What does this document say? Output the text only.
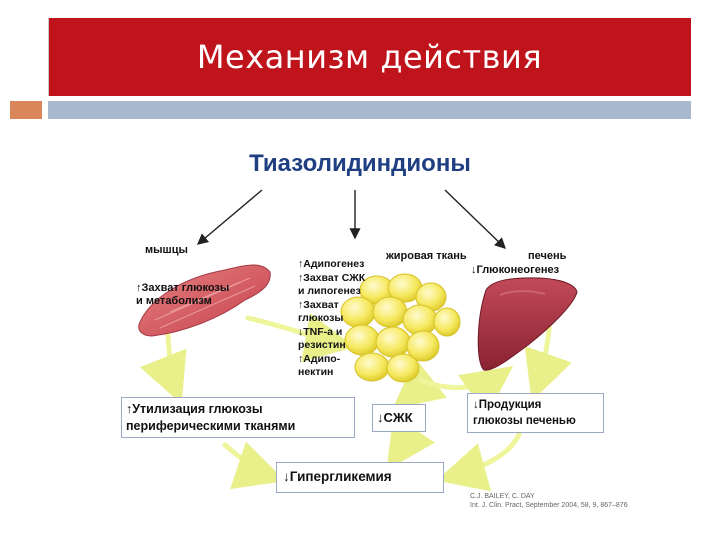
Механизм действия
Тиазолидиндионы
мышцы	жировая ткань	печень
↑Захват глюкозы
и метаболизм
↑Адипогенез
↑Захват СЖК
и липогенез
↑Захват
глюкозы
↓TNF-a и
резистин
↑Адипо-
нектин
↓Глюконеогенез
↑Утилизация глюкозы
периферическими тканями
↓СЖК
↓Продукция
глюкозы печенью
↓Гипергликемия
C.J. BAILEY, C. DAY
Int. J. Clin. Pract, September 2004, 58, 9, 867–876
